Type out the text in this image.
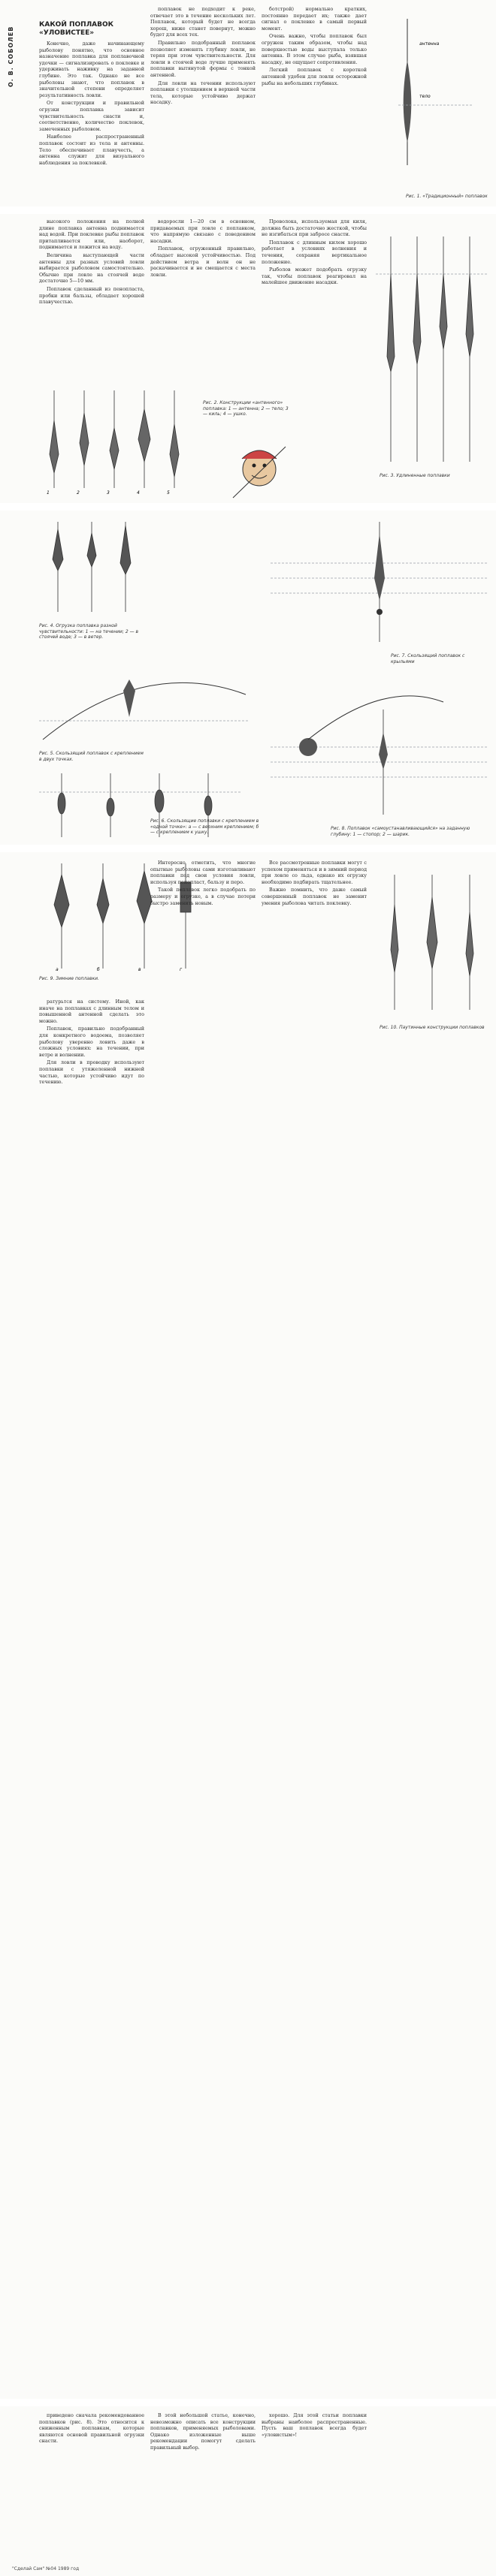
О. В. СОБОЛЕВ
КАКОЙ ПОПЛАВОК «УЛОВИСТЕЕ»

Конечно, даже начинающему рыболову понятно, что основное назначение поплавка для поплавочной удочки — сигнализировать о поклевке и удерживать наживку на заданной глубине. Это так. Однако не все рыболовы знают, что поплавок в значительной степени определяет результативность ловли.

От конструкции и правильной огрузки поплавка зависит чувствительность снасти и, соответственно, количество поклевок, замеченных рыболовом.

Наиболее распространенный поплавок состоит из тела и антенны. Тело обеспечивает плавучесть, а антенна служит для визуального наблюдения за поклевкой.

поплавок не подходит к реке, отвечает это в течение нескольких лет. Поплавок, который будет не всегда хорош, ниже станет повернут, можно будет для всех тех.

Правильно подобранный поплавок позволяет изменять глубину ловли, не теряя при этом чувствительности. Для ловли в стоячей воде лучше применять поплавки вытянутой формы с тонкой антенной.

Для ловли на течении используют поплавки с утолщением в верхней части тела, которые устойчиво держат насадку.

ботстрой) нормально кратких, постоянно передает их; также дает сигнал о поклевке в самый первый момент.

Очень важно, чтобы поплавок был огружен таким образом, чтобы над поверхностью воды выступала только антенна. В этом случае рыба, взявшая насадку, не ощущает сопротивления.

Легкий поплавок с короткой антенной удобен для ловли осторожной рыбы на небольших глубинах.

тело
антенна
Рис. 1. «Традиционный» поплавок

высокого положения на полной длине поплавка антенна поднимается над водой. При поклевке рыбы поплавок притапливается или, наоборот, поднимается и ложится на воду.

Величина выступающей части антенны для разных условий ловли выбирается рыболовом самостоятельно. Обычно при ловле на стоячей воде достаточно 5—10 мм.

Поплавок сделанный из пенопласта, пробки или бальзы, обладает хорошей плавучестью.

водоросли 1—20 см в основном, придаваемых при ловле с поплавком, что напрямую связано с поведением насадки.

Поплавок, огруженный правильно, обладает высокой устойчивостью. Под действием ветра и волн он не раскачивается и не смещается с места ловли.

Рис. 2. Конструкции «антенного» поплавка: 1 — антенна; 2 — тело; 3 — киль; 4 — ушко.

Проволока, используемая для киля, должна быть достаточно жесткой, чтобы не изгибаться при забросе снасти.

Поплавок с длинным килем хорошо работает в условиях волнения и течения, сохраняя вертикальное положение.

Рыболов может подобрать огрузку так, чтобы поплавок реагировал на малейшее движение насадки.

1	2	3	4	5
Рис. 3. Удлиненные поплавки
Рис. 4. Огрузка поплавка разной чувствительности: 1 — на течении; 2 — в стоячей воде; 3 — в ветер.
Рис. 5. Скользящий поплавок с креплением в двух точках.
Рис. 6. Скользящие поплавки с креплением в «одной точке»: а — с верхним креплением; б — с креплением к ушку.
Рис. 7. Скользящий поплавок с крыльями
Рис. 8. Поплавок «самоустанавливающийся» на заданную глубину: 1 — стопор; 2 — шарик.
а	б	в	г
Рис. 9. Зимние поплавки.

ратурьтся на систему. Иной, как иначе на поплавках с длинным телом и повышенной антенной сделать это можно.

Поплавок, правильно подобранный для конкретного водоема, позволяет рыболову уверенно ловить даже в сложных условиях: на течении, при ветре и волнении.

Для ловли в проводку используют поплавки с утяжеленной нижней частью, которые устойчиво идут по течению.

Интересно отметить, что многие опытные рыболовы сами изготавливают поплавки под свои условия ловли, используя пенопласт, бальзу и перо.

Такой поплавок легко подобрать по размеру и огрузке, а в случае потери быстро заменить новым.

Все рассмотренные поплавки могут с успехом применяться и в зимний период при ловле со льда, однако их огрузку необходимо подбирать тщательнее.

Важно помнить, что даже самый совершенный поплавок не заменит умения рыболова читать поклевку.

Рис. 10. Паутинные конструкции поплавков

приведено сначала рекомендованное поплавков (рис. 8). Это относится к сниженным поплавкам, которые являются основой правильной огрузки снасти.

В этой небольшой статье, конечно, невозможно описать все конструкции поплавков, применяемых рыболовами. Однако изложенные выше рекомендации помогут сделать правильный выбор.

хорошо. Для этой статьи поплавки выбраны наиболее распространенные. Пусть ваш поплавок всегда будет «уловистым»!

"Сделай Сам" №04 1989 год
